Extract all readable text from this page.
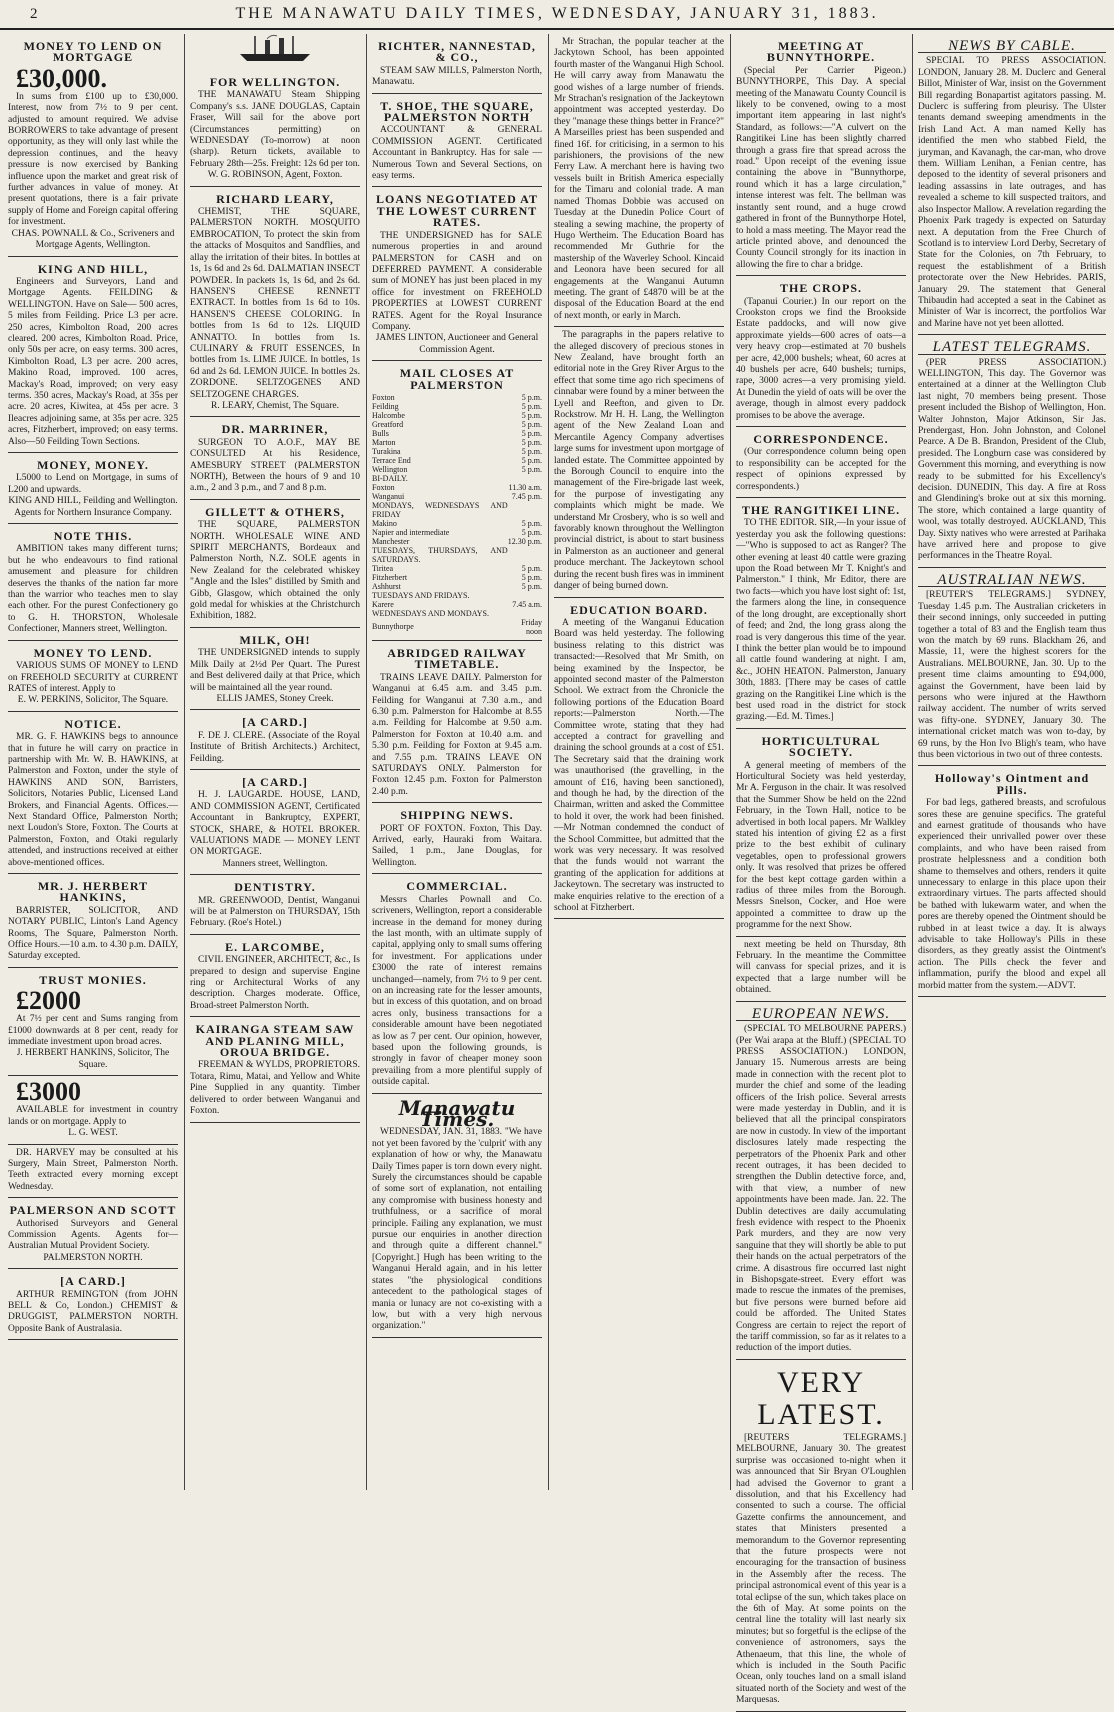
2	THE MANAWATU DAILY TIMES, WEDNESDAY, JANUARY 31, 1883.
MONEY TO LEND ON MORTGAGE

£30,000.

In sums from £100 up to £30,000. Interest, now from 7½ to 9 per cent. adjusted to amount required. We advise BORROWERS to take advantage of present opportunity, as they will only last while the depression continues, and the heavy pressure is now exercised by Banking influence upon the market and great risk of further advances in value of money. At present quotations, there is a fair private supply of Home and Foreign capital offering for investment.

CHAS. POWNALL & Co., Scriveners and Mortgage Agents, Wellington.

KING AND HILL,

Engineers and Surveyors, Land and Mortgage Agents. FEILDING & WELLINGTON. Have on Sale— 500 acres, 5 miles from Feilding. Price L3 per acre. 250 acres, Kimbolton Road, 200 acres cleared. 200 acres, Kimbolton Road. Price, only 50s per acre, on easy terms. 300 acres, Kimbolton Road, L3 per acre. 200 acres, Makino Road, improved. 100 acres, Mackay's Road, improved; on very easy terms. 350 acres, Mackay's Road, at 35s per acre. 20 acres, Kiwitea, at 45s per acre. 3 Ileacres adjoining same, at 35s per acre. 325 acres, Fitzherbert, improved; on easy terms. Also—50 Feilding Town Sections.

MONEY, MONEY.

L5000 to Lend on Mortgage, in sums of L200 and upwards.

KING AND HILL, Feilding and Wellington. Agents for Northern Insurance Company.

NOTE THIS.

AMBITION takes many different turns; but he who endeavours to find rational amusement and pleasure for children deserves the thanks of the nation far more than the warrior who teaches men to slay each other. For the purest Confectionery go to G. H. THORSTON, Wholesale Confectioner, Manners street, Wellington.

MONEY TO LEND.

VARIOUS SUMS OF MONEY to LEND on FREEHOLD SECURITY at CURRENT RATES of interest. Apply to

E. W. PERKINS, Solicitor, The Square.

NOTICE.

MR. G. F. HAWKINS begs to announce that in future he will carry on practice in partnership with Mr. W. B. HAWKINS, at Palmerston and Foxton, under the style of HAWKINS AND SON, Barristers, Solicitors, Notaries Public, Licensed Land Brokers, and Financial Agents. Offices.—Next Standard Office, Palmerston North; next Loudon's Store, Foxton. The Courts at Palmerston, Foxton, and Otaki regularly attended, and instructions received at either above-mentioned offices.

MR. J. HERBERT HANKINS,

BARRISTER, SOLICITOR, AND NOTARY PUBLIC, Linton's Land Agency Rooms, The Square, Palmerston North. Office Hours.—10 a.m. to 4.30 p.m. DAILY, Saturday excepted.

TRUST MONIES.

£2000

At 7½ per cent and Sums ranging from £1000 downwards at 8 per cent, ready for immediate investment upon broad acres.

J. HERBERT HANKINS, Solicitor, The Square.

£3000

AVAILABLE for investment in country lands or on mortgage. Apply to

L. G. WEST.

DR. HARVEY may be consulted at his Surgery, Main Street, Palmerston North. Teeth extracted every morning except Wednesday.

PALMERSON AND SCOTT

Authorised Surveyors and General Commission Agents. Agents for—Australian Mutual Provident Society.

PALMERSTON NORTH.

[A CARD.]

ARTHUR REMINGTON (from JOHN BELL & Co, London.) CHEMIST & DRUGGIST, PALMERSTON NORTH. Opposite Bank of Australasia.

FOR WELLINGTON.

THE MANAWATU Steam Shipping Company's s.s. JANE DOUGLAS, Captain Fraser, Will sail for the above port (Circumstances permitting) on WEDNESDAY (To-morrow) at noon (sharp). Return tickets, available to February 28th—25s. Freight: 12s 6d per ton.

W. G. ROBINSON, Agent, Foxton.

RICHARD LEARY,

CHEMIST, THE SQUARE, PALMERSTON NORTH. MOSQUITO EMBROCATION, To protect the skin from the attacks of Mosquitos and Sandflies, and allay the irritation of their bites. In bottles at 1s, 1s 6d and 2s 6d. DALMATIAN INSECT POWDER. In packets 1s, 1s 6d, and 2s 6d. HANSEN'S CHEESE RENNETT EXTRACT. In bottles from 1s 6d to 10s. HANSEN'S CHEESE COLORING. In bottles from 1s 6d to 12s. LIQUID ANNATTO. In bottles from 1s. CULINARY & FRUIT ESSENCES, In bottles from 1s. LIME JUICE. In bottles, 1s 6d and 2s 6d. LEMON JUICE. In bottles 2s. ZORDONE. SELTZOGENES AND SELTZOGENE CHARGES.

R. LEARY, Chemist, The Square.

DR. MARRINER,

SURGEON TO A.O.F., MAY BE CONSULTED At his Residence, AMESBURY STREET (PALMERSTON NORTH), Between the hours of 9 and 10 a.m., 2 and 3 p.m., and 7 and 8 p.m.

GILLETT & OTHERS,

THE SQUARE, PALMERSTON NORTH. WHOLESALE WINE AND SPIRIT MERCHANTS, Bordeaux and Palmerston North, N.Z. SOLE agents in New Zealand for the celebrated whiskey "Angle and the Isles" distilled by Smith and Gibb, Glasgow, which obtained the only gold medal for whiskies at the Christchurch Exhibition, 1882.

MILK, OH!

THE UNDERSIGNED intends to supply Milk Daily at 2½d Per Quart. The Purest and Best delivered daily at that Price, which will be maintained all the year round.

ELLIS JAMES, Stoney Creek.

[A CARD.]

F. DE J. CLERE. (Associate of the Royal Institute of British Architects.) Architect, Feilding.

[A CARD.]

H. J. LAUGARDE. HOUSE, LAND, AND COMMISSION AGENT, Certificated Accountant in Bankruptcy, EXPERT, STOCK, SHARE, & HOTEL BROKER. VALUATIONS MADE — MONEY LENT ON MORTGAGE.

Manners street, Wellington.

DENTISTRY.

MR. GREENWOOD, Dentist, Wanganui will be at Palmerston on THURSDAY, 15th February. (Roe's Hotel.)

E. LARCOMBE,

CIVIL ENGINEER, ARCHITECT, &c., Is prepared to design and supervise Engine ring or Architectural Works of any description. Charges moderate. Office, Broad-street Palmerston North.

KAIRANGA STEAM SAW AND PLANING MILL, OROUA BRIDGE.

FREEMAN & WYLDS, PROPRIETORS. Totara, Rimu, Matai, and Yellow and White Pine Supplied in any quantity. Timber delivered to order between Wanganui and Foxton.

RICHTER, NANNESTAD, & CO.,

STEAM SAW MILLS, Palmerston North, Manawatu.

T. SHOE, THE SQUARE, PALMERSTON NORTH

ACCOUNTANT & GENERAL COMMISSION AGENT. Certificated Accountant in Bankruptcy. Has for sale — Numerous Town and Several Sections, on easy terms.

LOANS NEGOTIATED AT THE LOWEST CURRENT RATES.

THE UNDERSIGNED has for SALE numerous properties in and around PALMERSTON for CASH and on DEFERRED PAYMENT. A considerable sum of MONEY has just been placed in my office for investment on FREEHOLD PROPERTIES at LOWEST CURRENT RATES. Agent for the Royal Insurance Company.

JAMES LINTON, Auctioneer and General Commission Agent.

MAIL CLOSES AT PALMERSTON
Foxton	5 p.m.
Feilding	5 p.m.
Halcombe	5 p.m.
Greatford	5 p.m.
Bulls	5 p.m.
Marton	5 p.m.
Turakina	5 p.m.
Terrace End	5 p.m.
Wellington	5 p.m.
BI-DAILY.	
Foxton	11.30 a.m.
Wanganui	7.45 p.m.
MONDAYS, WEDNESDAYS AND FRIDAY	
Makino	5 p.m.
Napier and intermediate	5 p.m.
Manchester	12.30 p.m.
TUESDAYS, THURSDAYS, AND SATURDAYS.	
Tiritea	5 p.m.
Fitzherbert	5 p.m.
Ashhurst	5 p.m.
TUESDAYS AND FRIDAYS.	
Karere	7.45 a.m.
WEDNESDAYS AND MONDAYS.	
Bunnythorpe	Friday noon
ABRIDGED RAILWAY TIMETABLE.

TRAINS LEAVE DAILY. Palmerston for Wanganui at 6.45 a.m. and 3.45 p.m. Feilding for Wanganui at 7.30 a.m., and 6.30 p.m. Palmerston for Halcombe at 8.55 a.m. Feilding for Halcombe at 9.50 a.m. Palmerston for Foxton at 10.40 a.m. and 5.30 p.m. Feilding for Foxton at 9.45 a.m. and 7.55 p.m. TRAINS LEAVE ON SATURDAYS ONLY. Palmerston for Foxton 12.45 p.m. Foxton for Palmerston 2.40 p.m.

SHIPPING NEWS.

PORT OF FOXTON. Foxton, This Day. Arrived, early, Hauraki from Waitara. Sailed, 1 p.m., Jane Douglas, for Wellington.

COMMERCIAL.

Messrs Charles Pownall and Co. scriveners, Wellington, report a considerable increase in the demand for money during the last month, with an ultimate supply of capital, applying only to small sums offering for investment. For applications under £3000 the rate of interest remains unchanged—namely, from 7½ to 9 per cent. on an increasing rate for the lesser amounts, but in excess of this quotation, and on broad acres only, business transactions for a considerable amount have been negotiated as low as 7 per cent. Our opinion, however, based upon the following grounds, is strongly in favor of cheaper money soon prevailing from a more plentiful supply of outside capital.

Manawatu Times.

WEDNESDAY, JAN. 31, 1883. "We have not yet been favored by the 'culprit' with any explanation of how or why, the Manawatu Daily Times paper is torn down every night. Surely the circumstances should be capable of some sort of explanation, not entailing any compromise with business honesty and truthfulness, or a sacrifice of moral principle. Failing any explanation, we must pursue our enquiries in another direction and through quite a different channel." [Copyright.] Hugh has been writing to the Wanganui Herald again, and in his letter states "the physiological conditions antecedent to the pathological stages of mania or lunacy are not co-existing with a low, but with a very high nervous organization."

Mr Strachan, the popular teacher at the Jackytown School, has been appointed fourth master of the Wanganui High School. He will carry away from Manawatu the good wishes of a large number of friends. Mr Strachan's resignation of the Jackeytown appointment was accepted yesterday. Do they "manage these things better in France?" A Marseilles priest has been suspended and fined 16f. for criticising, in a sermon to his parishioners, the provisions of the new Ferry Law. A merchant here is having two vessels built in British America especially for the Timaru and colonial trade. A man named Thomas Dobbie was accused on Tuesday at the Dunedin Police Court of stealing a sewing machine, the property of Hugo Wertheim. The Education Board has recommended Mr Guthrie for the mastership of the Waverley School. Kincaid and Leonora have been secured for all engagements at the Wanganui Autumn meeting. The grant of £4870 will be at the disposal of the Education Board at the end of next month, or early in March.

The paragraphs in the papers relative to the alleged discovery of precious stones in New Zealand, have brought forth an editorial note in the Grey River Argus to the effect that some time ago rich specimens of cinnabar were found by a miner between the Lyell and Reefton, and given to Dr. Rockstrow. Mr H. H. Lang, the Wellington agent of the New Zealand Loan and Mercantile Agency Company advertises large sums for investment upon mortgage of landed estate. The Committee appointed by the Borough Council to enquire into the management of the Fire-brigade last week, for the purpose of investigating any complaints which might be made. We understand Mr Crosbery, who is so well and favorably known throughout the Wellington provincial district, is about to start business in Palmerston as an auctioneer and general produce merchant. The Jackeytown school during the recent bush fires was in imminent danger of being burned down.

EDUCATION BOARD.

A meeting of the Wanganui Education Board was held yesterday. The following business relating to this district was transacted:—Resolved that Mr Smith, on being examined by the Inspector, be appointed second master of the Palmerston School. We extract from the Chronicle the following portions of the Education Board reports:—Palmerston North.—The Committee wrote, stating that they had accepted a contract for gravelling and draining the school grounds at a cost of £51. The Secretary said that the draining work was unauthorised (the gravelling, in the amount of £16, having been sanctioned), and though he had, by the direction of the Chairman, written and asked the Committee to hold it over, the work had been finished.—Mr Notman condemned the conduct of the School Committee, but admitted that the work was very necessary. It was resolved that the funds would not warrant the granting of the application for additions at Jackeytown. The secretary was instructed to make enquiries relative to the erection of a school at Fitzherbert.

MEETING AT BUNNYTHORPE.

(Special Per Carrier Pigeon.) BUNNYTHORPE, This Day. A special meeting of the Manawatu County Council is likely to be convened, owing to a most important item appearing in last night's Standard, as follows:—"A culvert on the Rangitikei Line has been slightly charred through a grass fire that spread across the road." Upon receipt of the evening issue containing the above in "Bunnythorpe, round which it has a large circulation," intense interest was felt. The bellman was instantly sent round, and a huge crowd gathered in front of the Bunnythorpe Hotel, to hold a mass meeting. The Mayor read the article printed above, and denounced the County Council strongly for its inaction in allowing the fire to char a bridge.

THE CROPS.

(Tapanui Courier.) In our report on the Crookston crops we find the Brookside Estate paddocks, and will now give approximate yields—600 acres of oats—a very heavy crop—estimated at 70 bushels per acre, 42,000 bushels; wheat, 60 acres at 40 bushels per acre, 640 bushels; turnips, rape, 3000 acres—a very promising yield. At Dunedin the yield of oats will be over the average, though in almost every paddock promises to be above the average.

CORRESPONDENCE.

(Our correspondence column being open to responsibility can be accepted for the respect of opinions expressed by correspondents.)

THE RANGITIKEI LINE.

TO THE EDITOR. SIR,—In your issue of yesterday you ask the following questions:—"Who is supposed to act as Ranger? The other evening at least 40 cattle were grazing upon the Road between Mr T. Knight's and Palmerston." I think, Mr Editor, there are two facts—which you have lost sight of: 1st, the farmers along the line, in consequence of the long drought, are exceptionally short of feed; and 2nd, the long grass along the road is very dangerous this time of the year. I think the better plan would be to impound all cattle found wandering at night. I am, &c., JOHN HEATON. Palmerston, January 30th, 1883. [There may be cases of cattle grazing on the Rangitikei Line which is the best used road in the district for stock grazing.—Ed. M. Times.]

HORTICULTURAL SOCIETY.

A general meeting of members of the Horticultural Society was held yesterday, Mr A. Ferguson in the chair. It was resolved that the Summer Show be held on the 22nd February, in the Town Hall, notice to be advertised in both local papers. Mr Walkley stated his intention of giving £2 as a first prize to the best exhibit of culinary vegetables, open to professional growers only. It was resolved that prizes be offered for the best kept cottage garden within a radius of three miles from the Borough. Messrs Snelson, Cocker, and Hoe were appointed a committee to draw up the programme for the next Show.

next meeting be held on Thursday, 8th February. In the meantime the Committee will canvass for special prizes, and it is expected that a large number will be obtained.

EUROPEAN NEWS.

(SPECIAL TO MELBOURNE PAPERS.) (Per Wai arapa at the Bluff.) (SPECIAL TO PRESS ASSOCIATION.) LONDON, January 15. Numerous arrests are being made in connection with the recent plot to murder the chief and some of the leading officers of the Irish police. Several arrests were made yesterday in Dublin, and it is believed that all the principal conspirators are now in custody. In view of the important disclosures lately made respecting the perpetrators of the Phoenix Park and other recent outrages, it has been decided to strengthen the Dublin detective force, and, with that view, a number of new appointments have been made. Jan. 22. The Dublin detectives are daily accumulating fresh evidence with respect to the Phoenix Park murders, and they are now very sanguine that they will shortly be able to put their hands on the actual perpetrators of the crime. A disastrous fire occurred last night in Bishopsgate-street. Every effort was made to rescue the inmates of the premises, but five persons were burned before aid could be afforded. The United States Congress are certain to reject the report of the tariff commission, so far as it relates to a reduction of the import duties.

VERY LATEST.

[REUTERS TELEGRAMS.] MELBOURNE, January 30. The greatest surprise was occasioned to-night when it was announced that Sir Bryan O'Loughlen had advised the Governor to grant a dissolution, and that his Excellency had consented to such a course. The official Gazette confirms the announcement, and states that Ministers presented a memorandum to the Governor representing that the future prospects were not encouraging for the transaction of business in the Assembly after the recess. The principal astronomical event of this year is a total eclipse of the sun, which takes place on the 6th of May. At some points on the central line the totality will last nearly six minutes; but so forgetful is the eclipse of the convenience of astronomers, says the Athenaeum, that this line, the whole of which is included in the South Pacific Ocean, only touches land on a small island situated north of the Society and west of the Marquesas.

NEWS BY CABLE.

SPECIAL TO PRESS ASSOCIATION. LONDON, January 28. M. Duclerc and General Billot, Minister of War, insist on the Government Bill regarding Bonapartist agitators passing. M. Duclerc is suffering from pleurisy. The Ulster tenants demand sweeping amendments in the Irish Land Act. A man named Kelly has identified the men who stabbed Field, the juryman, and Kavanagh, the car-man, who drove them. William Lenihan, a Fenian centre, has deposed to the identity of several prisoners and leading assassins in late outrages, and has revealed a scheme to kill suspected traitors, and also Inspector Mallow. A revelation regarding the Phoenix Park tragedy is expected on Saturday next. A deputation from the Free Church of Scotland is to interview Lord Derby, Secretary of State for the Colonies, on 7th February, to request the establishment of a British protectorate over the New Hebrides. PARIS, January 29. The statement that General Thibaudin had accepted a seat in the Cabinet as Minister of War is incorrect, the portfolios War and Marine have not yet been allotted.

LATEST TELEGRAMS.

(PER PRESS ASSOCIATION.) WELLINGTON, This day. The Governor was entertained at a dinner at the Wellington Club last night, 70 members being present. Those present included the Bishop of Wellington, Hon. Walter Johnston, Major Atkinson, Sir Jas. Prendergast, Hon. John Johnston, and Colonel Pearce. A De B. Brandon, President of the Club, presided. The Longburn case was considered by Government this morning, and everything is now ready to be submitted for his Excellency's decision. DUNEDIN, This day. A fire at Ross and Glendining's broke out at six this morning. The store, which contained a large quantity of wool, was totally destroyed. AUCKLAND, This Day. Sixty natives who were arrested at Parihaka have arrived here and propose to give performances in the Theatre Royal.

AUSTRALIAN NEWS.

[REUTER'S TELEGRAMS.] SYDNEY, Tuesday 1.45 p.m. The Australian cricketers in their second innings, only succeeded in putting together a total of 83 and the English team thus won the match by 69 runs. Blackham 26, and Massie, 11, were the highest scorers for the Australians. MELBOURNE, Jan. 30. Up to the present time claims amounting to £94,000, against the Government, have been laid by persons who were injured at the Hawthorn railway accident. The number of writs served was fifty-one. SYDNEY, January 30. The international cricket match was won to-day, by 69 runs, by the Hon Ivo Bligh's team, who have thus been victorious in two out of three contests.

Holloway's Ointment and Pills.

For bad legs, gathered breasts, and scrofulous sores these are genuine specifics. The grateful and earnest gratitude of thousands who have experienced their unrivalled power over these complaints, and who have been raised from prostrate helplessness and a condition both shame to themselves and others, renders it quite unnecessary to enlarge in this place upon their extraordinary virtues. The parts affected should be bathed with lukewarm water, and when the pores are thereby opened the Ointment should be rubbed in at least twice a day. It is always advisable to take Holloway's Pills in these disorders, as they greatly assist the Ointment's action. The Pills check the fever and inflammation, purify the blood and expel all morbid matter from the system.—ADVT.
